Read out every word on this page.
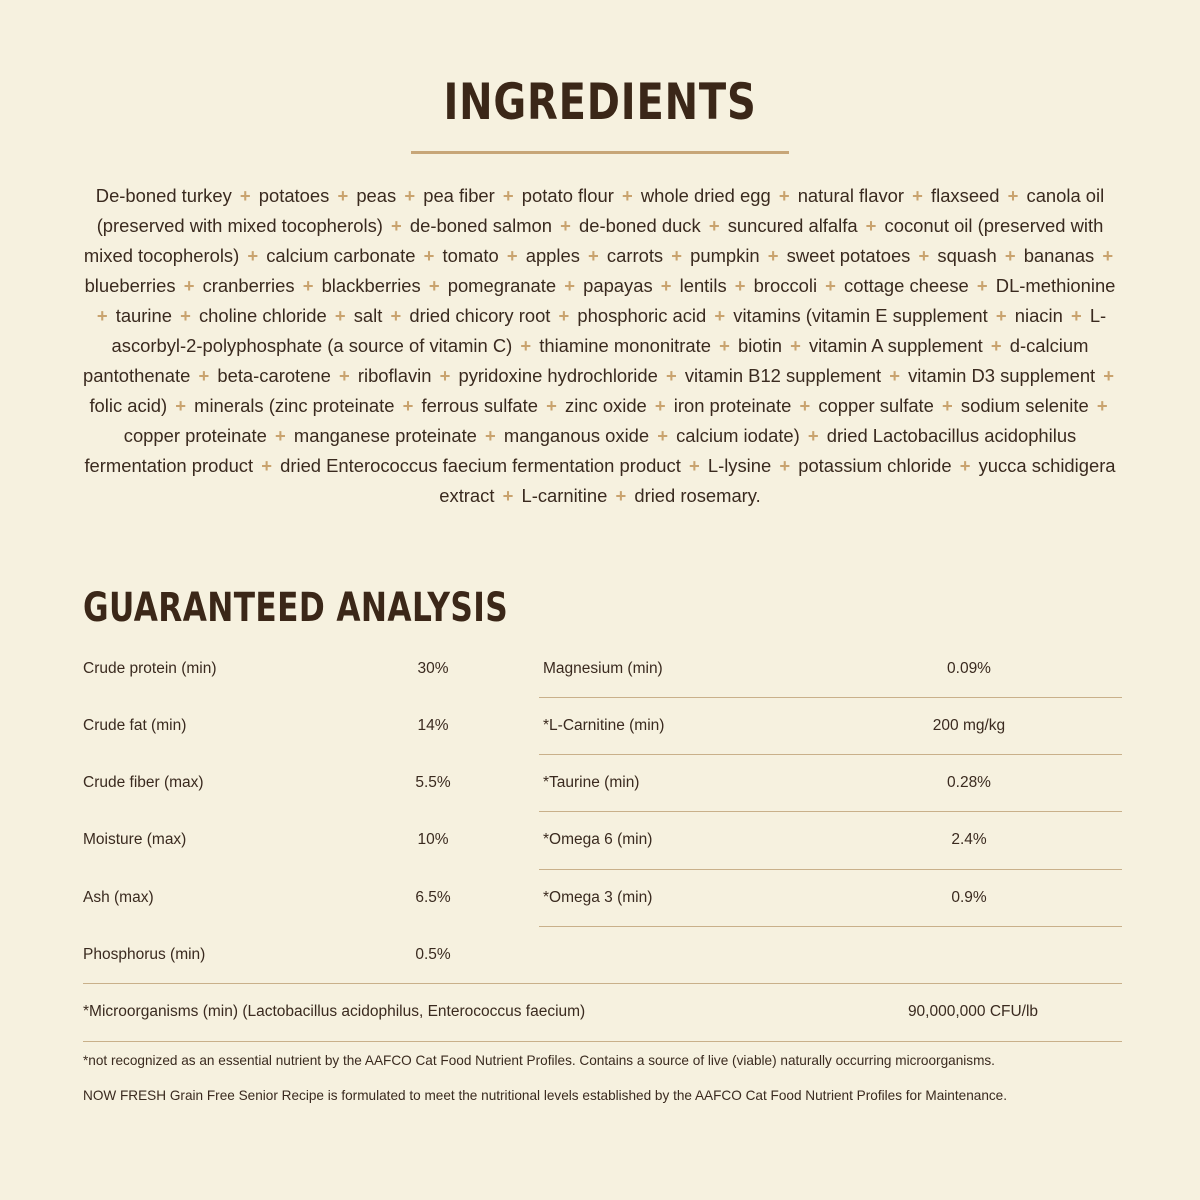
INGREDIENTS
De-boned turkey + potatoes + peas + pea fiber + potato flour + whole dried egg + natural flavor + flaxseed + canola oil (preserved with mixed tocopherols) + de-boned salmon + de-boned duck + suncured alfalfa + coconut oil (preserved with mixed tocopherols) + calcium carbonate + tomato + apples + carrots + pumpkin + sweet potatoes + squash + bananas + blueberries + cranberries + blackberries + pomegranate + papayas + lentils + broccoli + cottage cheese + DL-methionine + taurine + choline chloride + salt + dried chicory root + phosphoric acid + vitamins (vitamin E supplement + niacin + L-ascorbyl-2-polyphosphate (a source of vitamin C) + thiamine mononitrate + biotin + vitamin A supplement + d-calcium pantothenate + beta-carotene + riboflavin + pyridoxine hydrochloride + vitamin B12 supplement + vitamin D3 supplement + folic acid) + minerals (zinc proteinate + ferrous sulfate + zinc oxide + iron proteinate + copper sulfate + sodium selenite + copper proteinate + manganese proteinate + manganous oxide + calcium iodate) + dried Lactobacillus acidophilus fermentation product + dried Enterococcus faecium fermentation product + L-lysine + potassium chloride + yucca schidigera extract + L-carnitine + dried rosemary.
GUARANTEED ANALYSIS
Crude protein (min)	30%
Crude fat (min)	14%
Crude fiber (max)	5.5%
Moisture (max)	10%
Ash (max)	6.5%
Phosphorus (min)	0.5%
Magnesium (min)	0.09%
*L-Carnitine (min)	200 mg/kg
*Taurine (min)	0.28%
*Omega 6 (min)	2.4%
*Omega 3 (min)	0.9%
*Microorganisms (min) (Lactobacillus acidophilus, Enterococcus faecium)	90,000,000 CFU/lb
*not recognized as an essential nutrient by the AAFCO Cat Food Nutrient Profiles. Contains a source of live (viable) naturally occurring microorganisms.
NOW FRESH Grain Free Senior Recipe is formulated to meet the nutritional levels established by the AAFCO Cat Food Nutrient Profiles for Maintenance.
